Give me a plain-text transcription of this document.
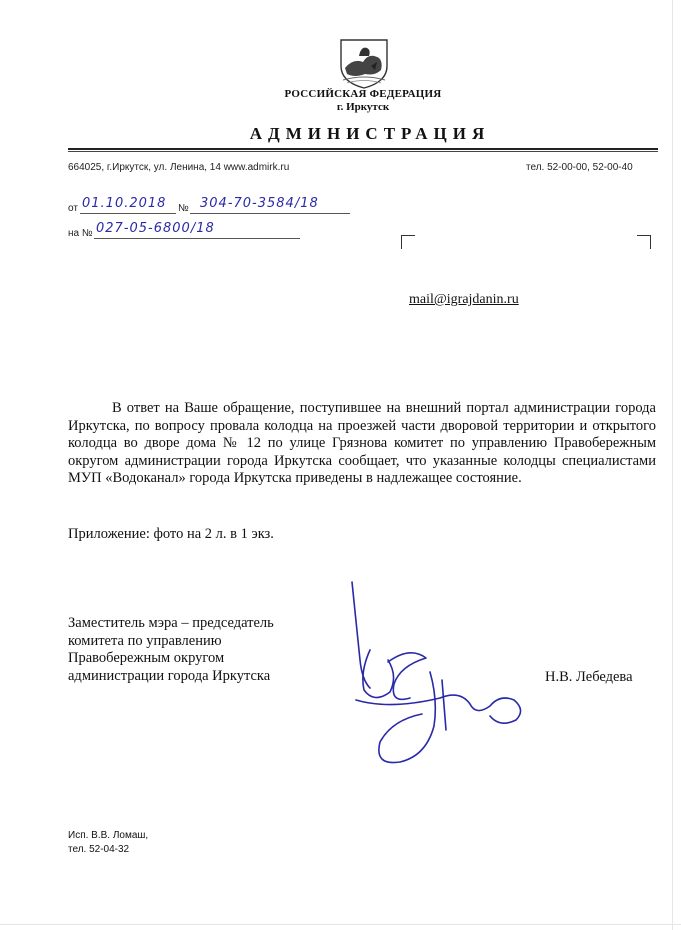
РОССИЙСКАЯ ФЕДЕРАЦИЯ
г. Иркутск
АДМИНИСТРАЦИЯ
664025, г.Иркутск, ул. Ленина, 14 www.admirk.ru	тел. 52-00-00, 52-00-40
от 01.10.2018 № 304-70-3584/18
на № 027-05-6800/18
mail@igrajdanin.ru

В ответ на Ваше обращение, поступившее на внешний портал администрации города Иркутска, по вопросу провала колодца на проезжей части дворовой территории и открытого колодца во дворе дома № 12 по улице Грязнова комитет по управлению Правобережным округом администрации города Иркутска сообщает, что указанные колодцы специалистами МУП «Водоканал» города Иркутска приведены в надлежащее состояние.

Приложение: фото на 2 л. в 1 экз.
Заместитель мэра – председатель
комитета по управлению
Правобережным округом
администрации города Иркутска	Н.В. Лебедева
Исп. В.В. Ломаш,
тел. 52-04-32
